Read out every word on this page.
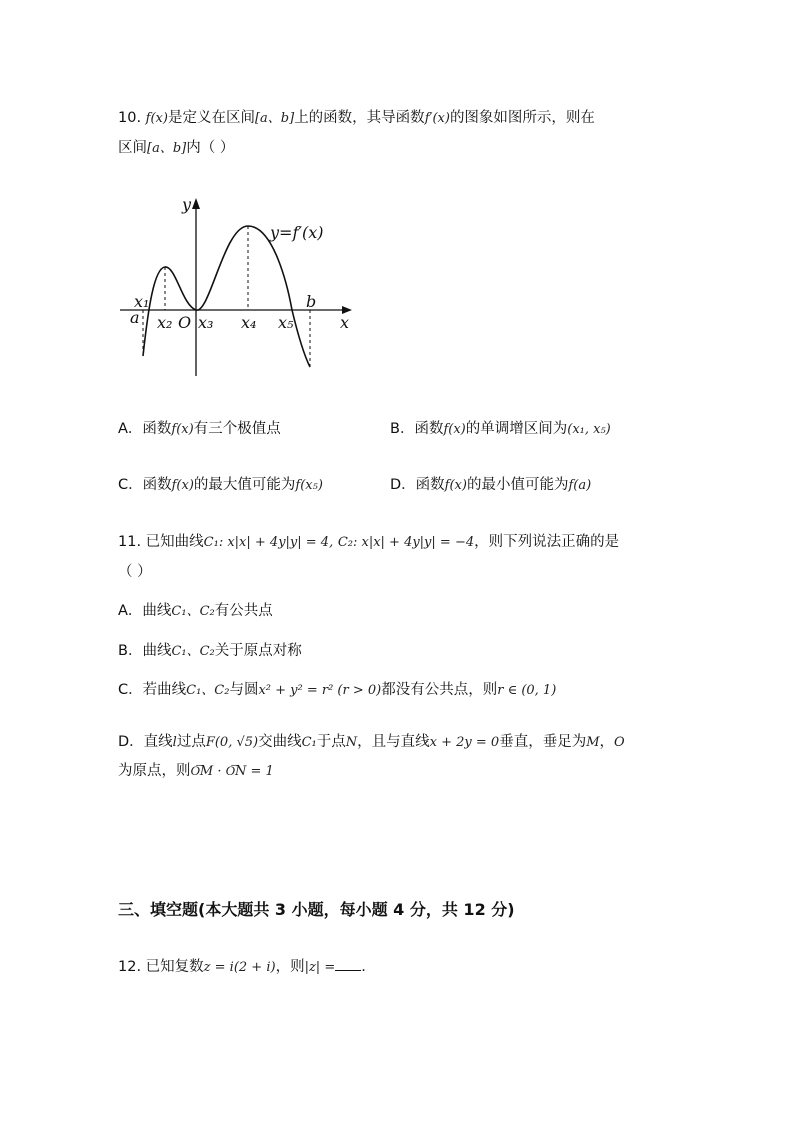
10. f(x)是定义在区间[a、b]上的函数，其导函数f′(x)的图象如图所示，则在
区间[a、b]内（ ）
y
y=f′(x)
x
O
a
b
x₁
x₂ x₃ x₄ x₅
A．函数f(x)有三个极值点	B．函数f(x)的单调增区间为(x₁, x₅)
C．函数f(x)的最大值可能为f(x₅)	D．函数f(x)的最小值可能为f(a)
11. 已知曲线C₁: x|x| + 4y|y| = 4, C₂: x|x| + 4y|y| = −4，则下列说法正确的是
（ ）
A．曲线C₁、C₂有公共点
B．曲线C₁、C₂关于原点对称
C．若曲线C₁、C₂与圆x² + y² = r² (r > 0)都没有公共点，则r ∈ (0, 1)
D．直线l过点F(0, √5)交曲线C₁于点N，且与直线x + 2y = 0垂直，垂足为M，O
为原点，则O͞M · O͞N = 1
三、填空题(本大题共 3 小题，每小题 4 分，共 12 分)
12. 已知复数z = i(2 + i)，则|z| = .
